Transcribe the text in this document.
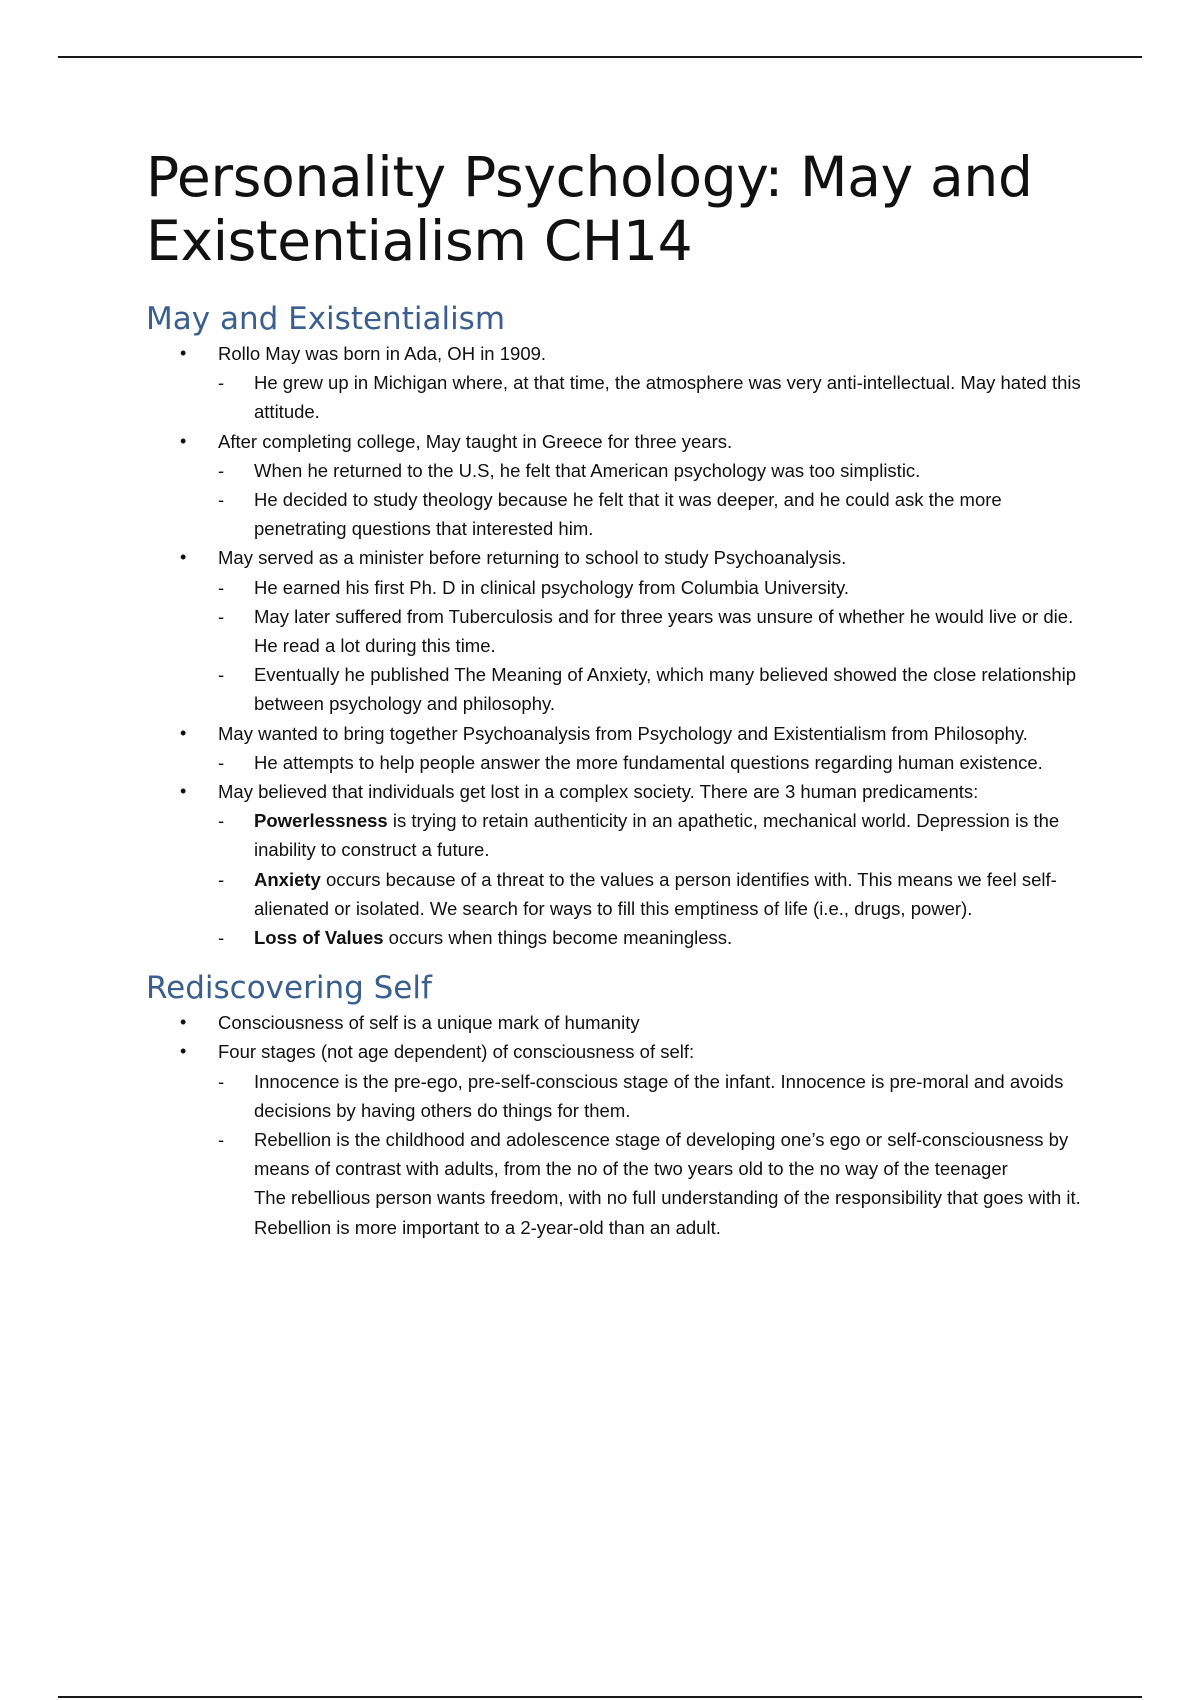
Personality Psychology: May and Existentialism CH14
May and Existentialism
• Rollo May was born in Ada, OH in 1909.
- He grew up in Michigan where, at that time, the atmosphere was very anti-intellectual. May hated this attitude.
• After completing college, May taught in Greece for three years.
- When he returned to the U.S, he felt that American psychology was too simplistic.
- He decided to study theology because he felt that it was deeper, and he could ask the more penetrating questions that interested him.
• May served as a minister before returning to school to study Psychoanalysis.
- He earned his first Ph. D in clinical psychology from Columbia University.
- May later suffered from Tuberculosis and for three years was unsure of whether he would live or die. He read a lot during this time.
- Eventually he published The Meaning of Anxiety, which many believed showed the close relationship between psychology and philosophy.
• May wanted to bring together Psychoanalysis from Psychology and Existentialism from Philosophy.
- He attempts to help people answer the more fundamental questions regarding human existence.
• May believed that individuals get lost in a complex society. There are 3 human predicaments:
- Powerlessness is trying to retain authenticity in an apathetic, mechanical world. Depression is the inability to construct a future.
- Anxiety occurs because of a threat to the values a person identifies with. This means we feel self-alienated or isolated. We search for ways to fill this emptiness of life (i.e., drugs, power).
- Loss of Values occurs when things become meaningless.
Rediscovering Self
• Consciousness of self is a unique mark of humanity
• Four stages (not age dependent) of consciousness of self:
- Innocence is the pre-ego, pre-self-conscious stage of the infant. Innocence is pre-moral and avoids decisions by having others do things for them.
- Rebellion is the childhood and adolescence stage of developing one’s ego or self-consciousness by means of contrast with adults, from the no of the two years old to the no way of the teenager
The rebellious person wants freedom, with no full understanding of the responsibility that goes with it.
Rebellion is more important to a 2-year-old than an adult.
